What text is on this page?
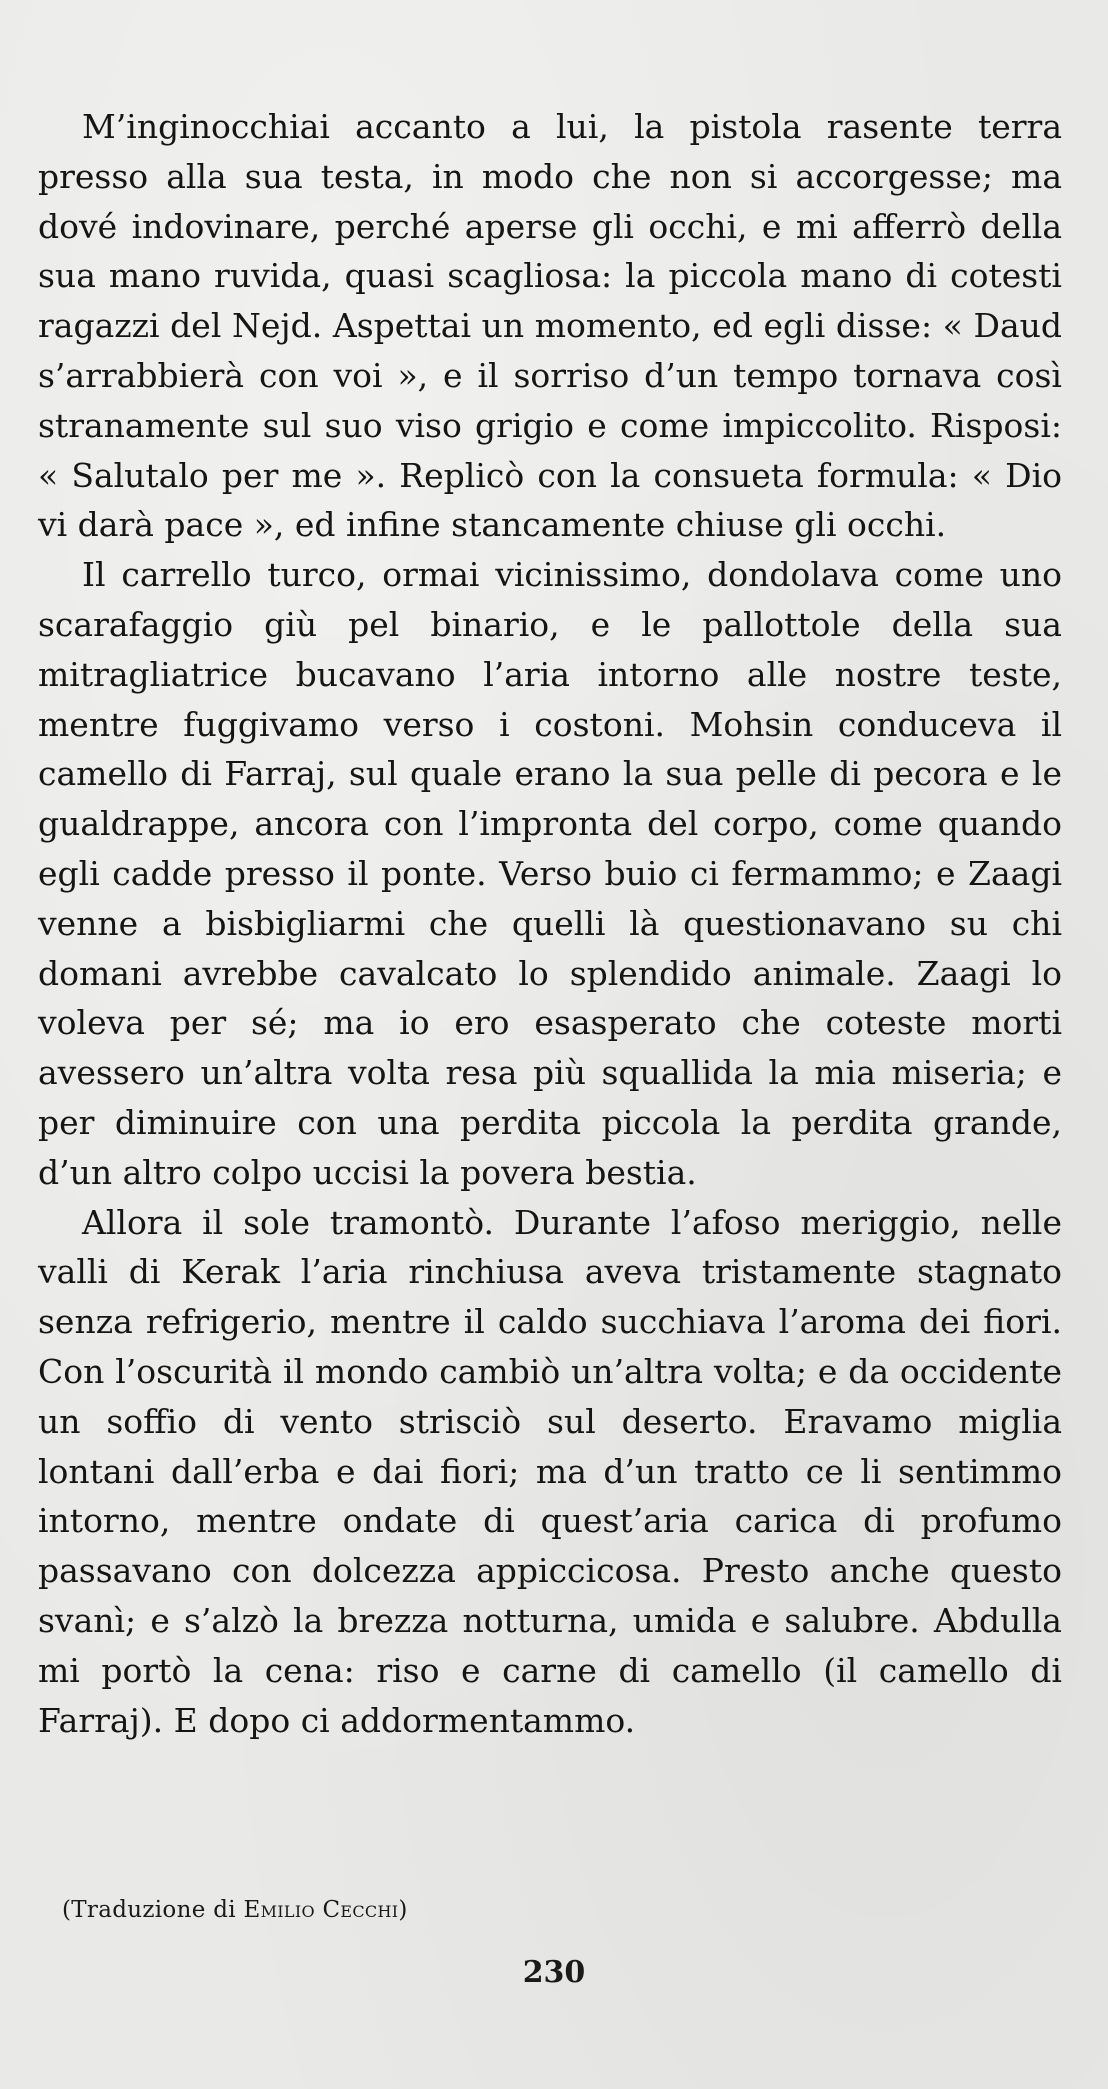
M’inginocchiai accanto a lui, la pistola rasente terra presso alla sua testa, in modo che non si accorgesse; ma dové indovinare, perché aperse gli occhi, e mi afferrò della sua mano ruvida, quasi scagliosa: la piccola mano di cotesti ragazzi del Nejd. Aspettai un momento, ed egli disse: « Daud s’arrabbierà con voi », e il sorriso d’un tempo tornava così stranamente sul suo viso grigio e come impiccolito. Risposi: « Salutalo per me ». Replicò con la consueta formula: « Dio vi darà pace », ed infine stancamente chiuse gli occhi.

Il carrello turco, ormai vicinissimo, dondolava come uno scarafaggio giù pel binario, e le pallottole della sua mitragliatrice bucavano l’aria intorno alle nostre teste, mentre fuggivamo verso i costoni. Mohsin conduceva il camello di Farraj, sul quale erano la sua pelle di pecora e le gualdrappe, ancora con l’impronta del corpo, come quando egli cadde presso il ponte. Verso buio ci fermammo; e Zaagi venne a bisbigliarmi che quelli là questionavano su chi domani avrebbe cavalcato lo splendido animale. Zaagi lo voleva per sé; ma io ero esasperato che coteste morti avessero un’altra volta resa più squallida la mia miseria; e per diminuire con una perdita piccola la perdita grande, d’un altro colpo uccisi la povera bestia.

Allora il sole tramontò. Durante l’afoso meriggio, nelle valli di Kerak l’aria rinchiusa aveva tristamente stagnato senza refrigerio, mentre il caldo succhiava l’aroma dei fiori. Con l’oscurità il mondo cambiò un’altra volta; e da occidente un soffio di vento strisciò sul deserto. Eravamo miglia lontani dall’erba e dai fiori; ma d’un tratto ce li sentimmo intorno, mentre ondate di quest’aria carica di profumo passavano con dolcezza appiccicosa. Presto anche questo svanì; e s’alzò la brezza notturna, umida e salubre. Abdulla mi portò la cena: riso e carne di camello (il camello di Farraj). E dopo ci addormentammo.

(Traduzione di Emilio Cecchi)
230
